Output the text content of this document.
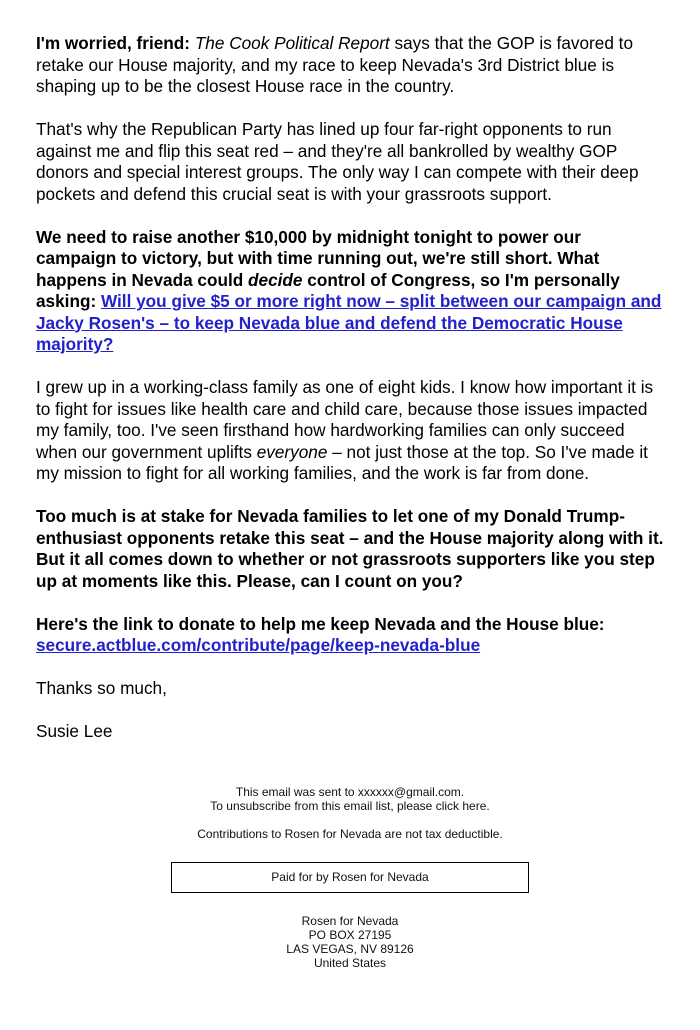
I'm worried, friend: The Cook Political Report says that the GOP is favored to retake our House majority, and my race to keep Nevada's 3rd District blue is shaping up to be the closest House race in the country.

That's why the Republican Party has lined up four far-right opponents to run against me and flip this seat red – and they're all bankrolled by wealthy GOP donors and special interest groups. The only way I can compete with their deep pockets and defend this crucial seat is with your grassroots support.

We need to raise another $10,000 by midnight tonight to power our campaign to victory, but with time running out, we're still short. What happens in Nevada could decide control of Congress, so I'm personally asking: Will you give $5 or more right now – split between our campaign and Jacky Rosen's – to keep Nevada blue and defend the Democratic House majority?

I grew up in a working-class family as one of eight kids. I know how important it is to fight for issues like health care and child care, because those issues impacted my family, too. I've seen firsthand how hardworking families can only succeed when our government uplifts everyone – not just those at the top. So I've made it my mission to fight for all working families, and the work is far from done.

Too much is at stake for Nevada families to let one of my Donald Trump-enthusiast opponents retake this seat – and the House majority along with it. But it all comes down to whether or not grassroots supporters like you step up at moments like this. Please, can I count on you?

Here's the link to donate to help me keep Nevada and the House blue:
secure.actblue.com/contribute/page/keep-nevada-blue

Thanks so much,

Susie Lee

This email was sent to xxxxxx@gmail.com.

To unsubscribe from this email list, please click here.

Contributions to Rosen for Nevada are not tax deductible.

Paid for by Rosen for Nevada
Rosen for Nevada
PO BOX 27195
LAS VEGAS, NV 89126
United States
